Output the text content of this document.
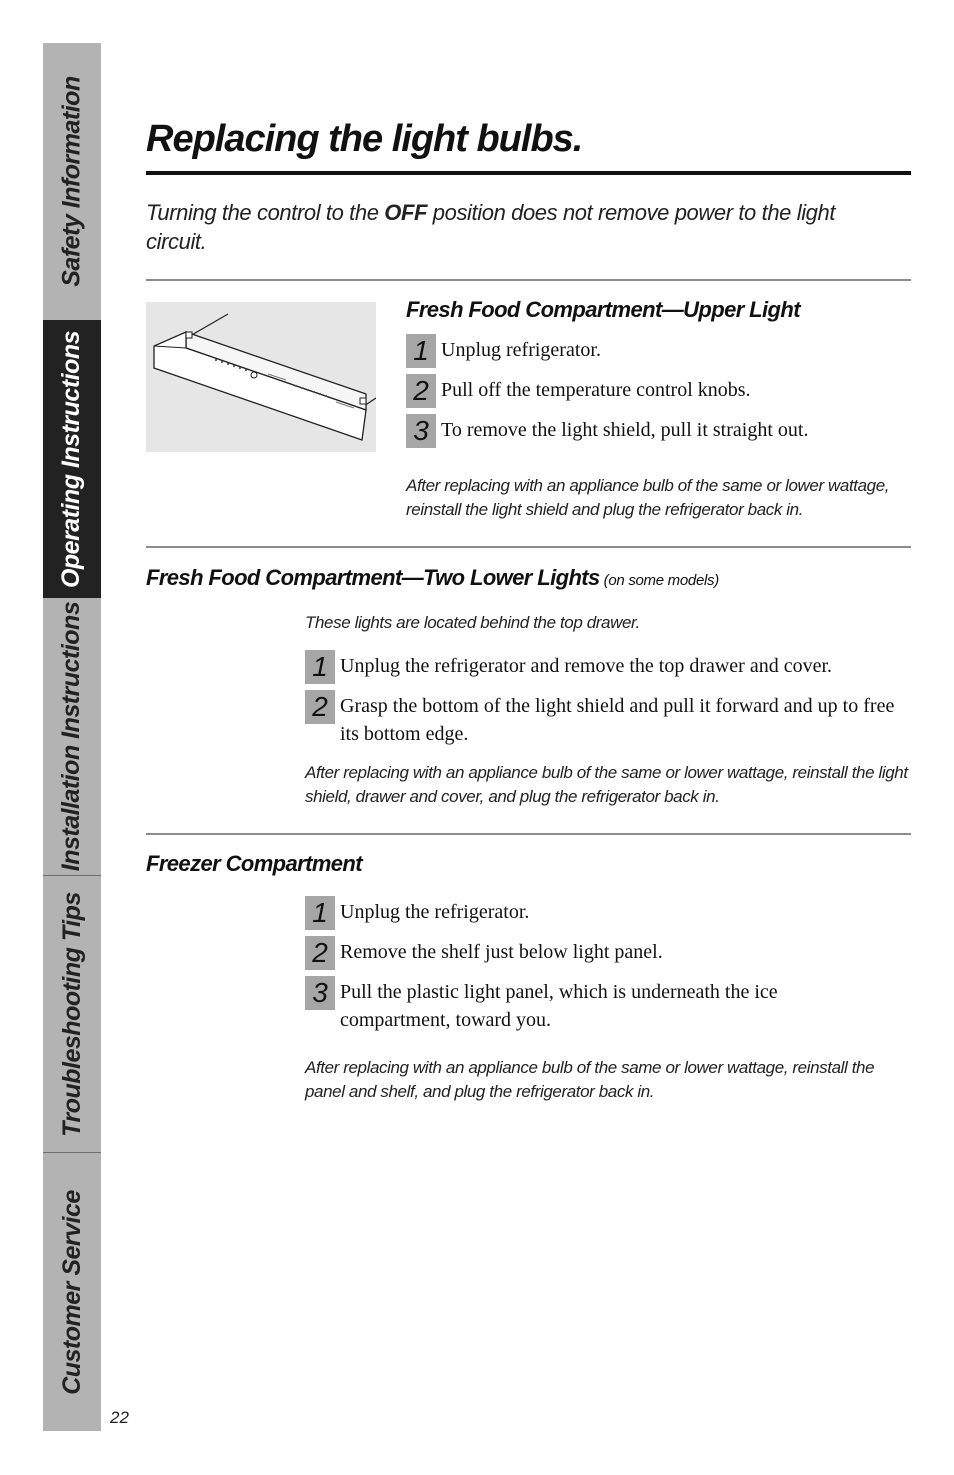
Safety Information
Operating Instructions
Installation Instructions
Troubleshooting Tips
Customer Service
22
Replacing the light bulbs.

Turning the control to the OFF position does not remove power to the light circuit.

Fresh Food Compartment—Upper Light
1 Unplug refrigerator.
2 Pull off the temperature control knobs.
3 To remove the light shield, pull it straight out.

After replacing with an appliance bulb of the same or lower wattage, reinstall the light shield and plug the refrigerator back in.

Fresh Food Compartment—Two Lower Lights (on some models)

These lights are located behind the top drawer.

1 Unplug the refrigerator and remove the top drawer and cover.
2 Grasp the bottom of the light shield and pull it forward and up to free its bottom edge.

After replacing with an appliance bulb of the same or lower wattage, reinstall the light shield, drawer and cover, and plug the refrigerator back in.

Freezer Compartment
1 Unplug the refrigerator.
2 Remove the shelf just below light panel.
3 Pull the plastic light panel, which is underneath the ice compartment, toward you.

After replacing with an appliance bulb of the same or lower wattage, reinstall the panel and shelf, and plug the refrigerator back in.
